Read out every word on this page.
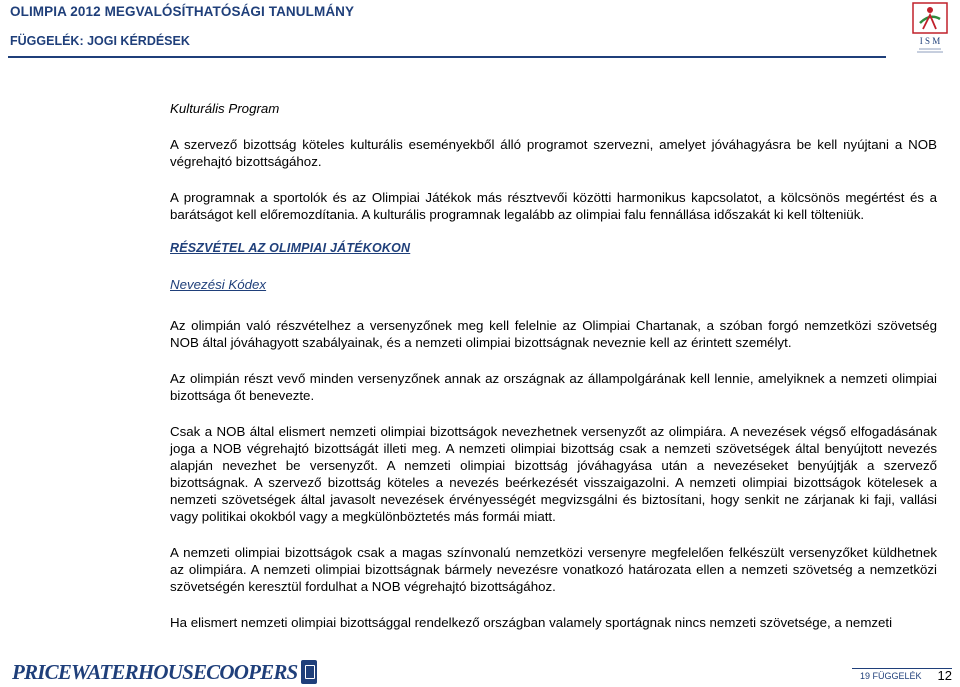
OLIMPIA 2012 MEGVALÓSÍTHATÓSÁGI TANULMÁNY
FÜGGELÉK: JOGI KÉRDÉSEK	I S M

Kulturális Program

A szervező bizottság köteles kulturális eseményekből álló programot szervezni, amelyet jóváhagyásra be kell nyújtani a NOB végrehajtó bizottságához.

A programnak a sportolók és az Olimpiai Játékok más résztvevői közötti harmonikus kapcsolatot, a kölcsönös megértést és a barátságot kell előremozdítania. A kulturális programnak legalább az olimpiai falu fennállása időszakát ki kell tölteniük.

RÉSZVÉTEL AZ OLIMPIAI JÁTÉKOKON

Nevezési Kódex

Az olimpián való részvételhez a versenyzőnek meg kell felelnie az Olimpiai Chartanak, a szóban forgó nemzetközi szövetség NOB által jóváhagyott szabályainak, és a nemzeti olimpiai bizottságnak neveznie kell az érintett személyt.

Az olimpián részt vevő minden versenyzőnek annak az országnak az állampolgárának kell lennie, amelyiknek a nemzeti olimpiai bizottsága őt benevezte.

Csak a NOB által elismert nemzeti olimpiai bizottságok nevezhetnek versenyzőt az olimpiára. A nevezések végső elfogadásának joga a NOB végrehajtó bizottságát illeti meg. A nemzeti olimpiai bizottság csak a nemzeti szövetségek által benyújtott nevezés alapján nevezhet be versenyzőt. A nemzeti olimpiai bizottság jóváhagyása után a nevezéseket benyújtják a szervező bizottságnak. A szervező bizottság köteles a nevezés beérkezését visszaigazolni. A nemzeti olimpiai bizottságok kötelesek a nemzeti szövetségek által javasolt nevezések érvényességét megvizsgálni és biztosítani, hogy senkit ne zárjanak ki faji, vallási vagy politikai okokból vagy a megkülönböztetés más formái miatt.

A nemzeti olimpiai bizottságok csak a magas színvonalú nemzetközi versenyre megfelelően felkészült versenyzőket küldhetnek az olimpiára. A nemzeti olimpiai bizottságnak bármely nevezésre vonatkozó határozata ellen a nemzeti szövetség a nemzetközi szövetségén keresztül fordulhat a NOB végrehajtó bizottságához.

Ha elismert nemzeti olimpiai bizottsággal rendelkező országban valamely sportágnak nincs nemzeti szövetsége, a nemzeti

PRICEWATERHOUSECOOPERS	19 FÜGGELÉK 12
